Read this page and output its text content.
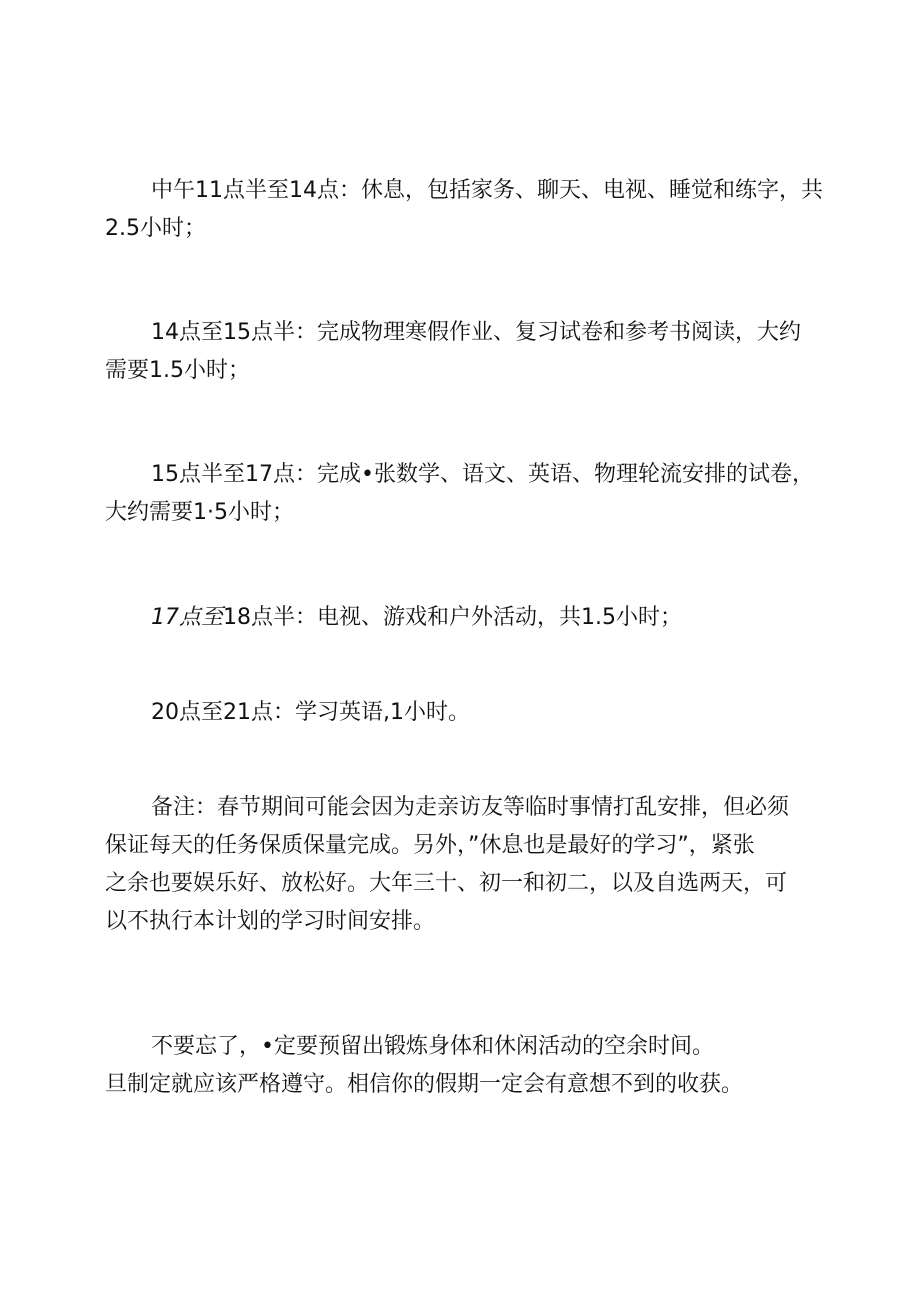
中午11点半至14点：休息，包括家务、聊天、电视、睡觉和练字，共
2.5小时；
14点至15点半：完成物理寒假作业、复习试卷和参考书阅读，大约
需要1.5小时；
15点半至17点：完成•张数学、语文、英语、物理轮流安排的试卷，
大约需要1·5小时；
17点至18点半：电视、游戏和户外活动，共1.5小时；
20点至21点：学习英语,1小时。
备注：春节期间可能会因为走亲访友等临时事情打乱安排，但必须
保证每天的任务保质保量完成。另外，”休息也是最好的学习”，紧张
之余也要娱乐好、放松好。大年三十、初一和初二，以及自选两天，可
以不执行本计划的学习时间安排。
不要忘了，•定要预留出锻炼身体和休闲活动的空余时间。
旦制定就应该严格遵守。相信你的假期一定会有意想不到的收获。
